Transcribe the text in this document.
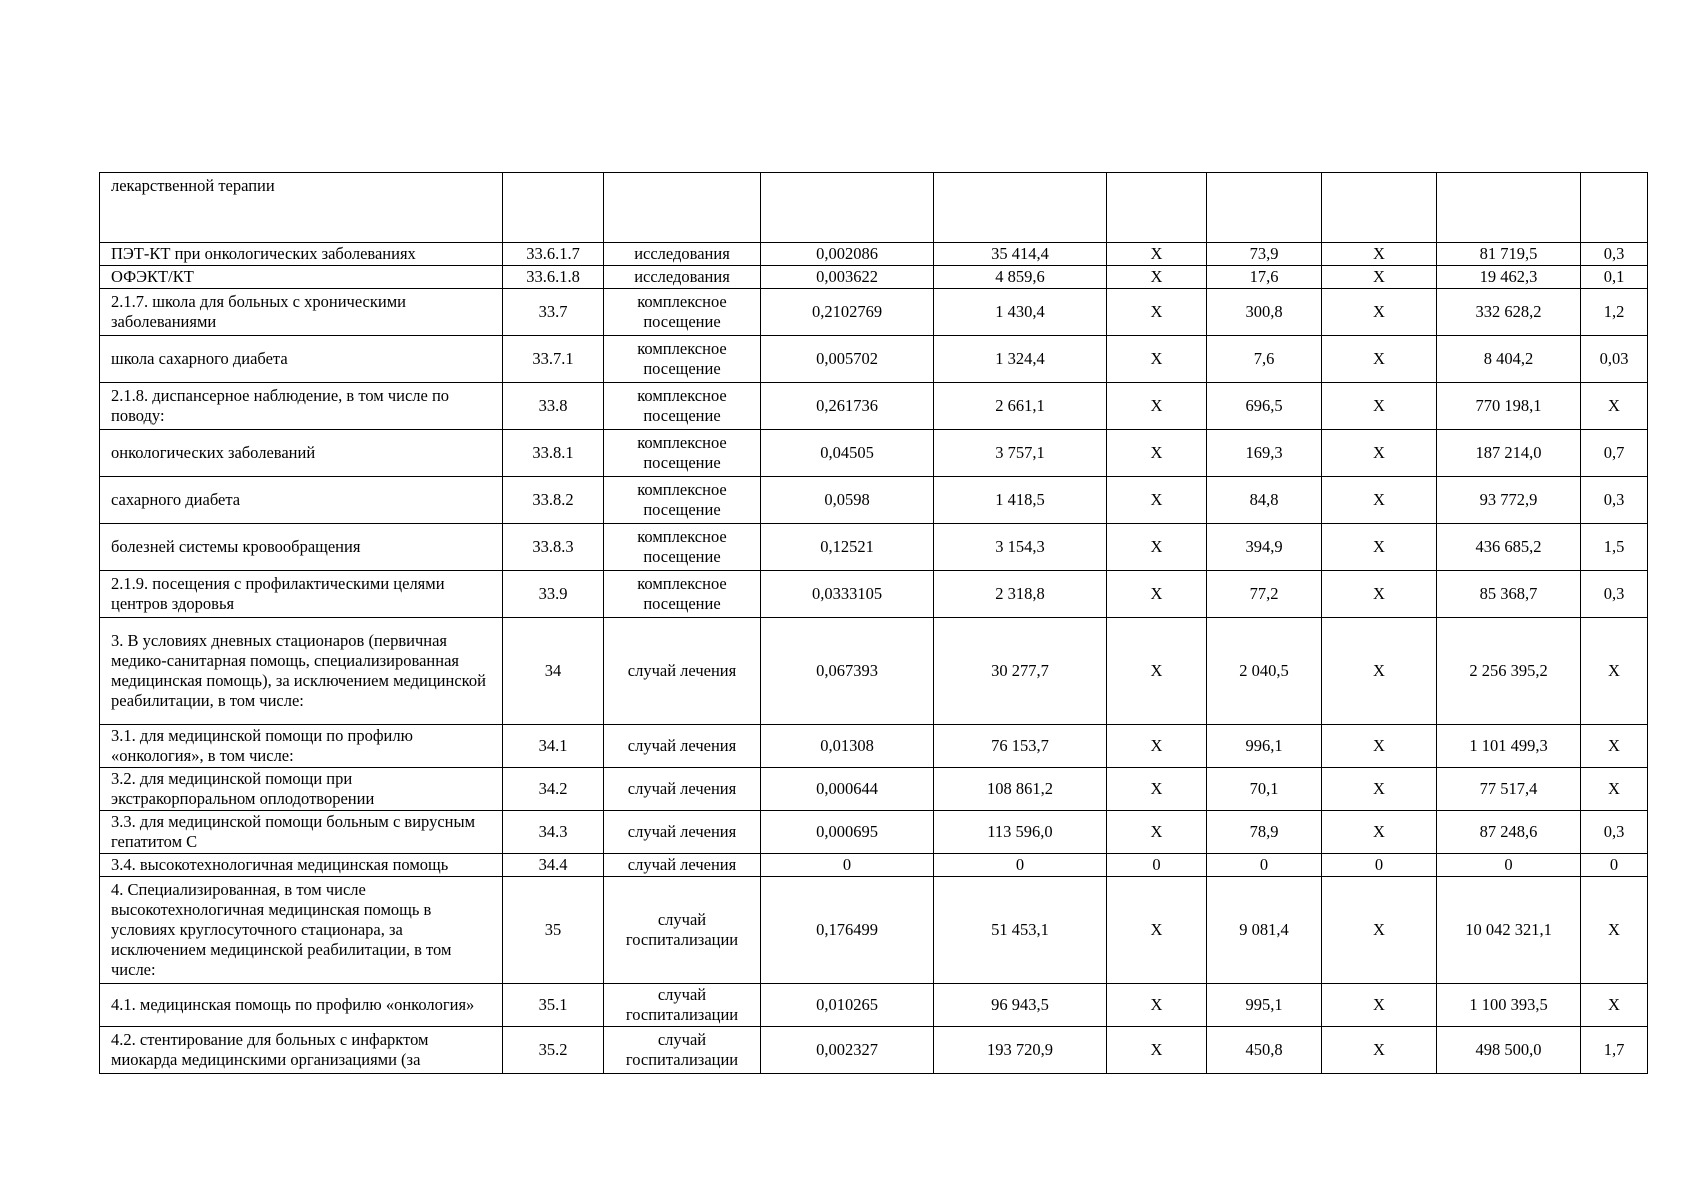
лекарственной терапии									
ПЭТ-КТ при онкологических заболеваниях	33.6.1.7	исследования	0,002086	35 414,4	X	73,9	X	81 719,5	0,3
ОФЭКТ/КТ	33.6.1.8	исследования	0,003622	4 859,6	X	17,6	X	19 462,3	0,1
2.1.7. школа для больных с хроническими заболеваниями	33.7	комплексное посещение	0,2102769	1 430,4	X	300,8	X	332 628,2	1,2
школа сахарного диабета	33.7.1	комплексное посещение	0,005702	1 324,4	X	7,6	X	8 404,2	0,03
2.1.8. диспансерное наблюдение, в том числе по поводу:	33.8	комплексное посещение	0,261736	2 661,1	X	696,5	X	770 198,1	X
онкологических заболеваний	33.8.1	комплексное посещение	0,04505	3 757,1	X	169,3	X	187 214,0	0,7
сахарного диабета	33.8.2	комплексное посещение	0,0598	1 418,5	X	84,8	X	93 772,9	0,3
болезней системы кровообращения	33.8.3	комплексное посещение	0,12521	3 154,3	X	394,9	X	436 685,2	1,5
2.1.9. посещения с профилактическими целями центров здоровья	33.9	комплексное посещение	0,0333105	2 318,8	X	77,2	X	85 368,7	0,3
3. В условиях дневных стационаров (первичная медико-санитарная помощь, специализированная медицинская помощь), за исключением медицинской реабилитации, в том числе:	34	случай лечения	0,067393	30 277,7	X	2 040,5	X	2 256 395,2	X
3.1. для медицинской помощи по профилю «онкология», в том числе:	34.1	случай лечения	0,01308	76 153,7	X	996,1	X	1 101 499,3	X
3.2. для медицинской помощи при экстракорпоральном оплодотворении	34.2	случай лечения	0,000644	108 861,2	X	70,1	X	77 517,4	X
3.3. для медицинской помощи больным с вирусным гепатитом С	34.3	случай лечения	0,000695	113 596,0	X	78,9	X	87 248,6	0,3
3.4. высокотехнологичная медицинская помощь	34.4	случай лечения	0	0	0	0	0	0	0
4. Специализированная, в том числе высокотехнологичная медицинская помощь в условиях круглосуточного стационара, за исключением медицинской реабилитации, в том числе:	35	случай госпитализации	0,176499	51 453,1	X	9 081,4	X	10 042 321,1	X
4.1. медицинская помощь по профилю «онкология»	35.1	случай госпитализации	0,010265	96 943,5	X	995,1	X	1 100 393,5	X
4.2. стентирование для больных с инфарктом миокарда медицинскими организациями (за	35.2	случай госпитализации	0,002327	193 720,9	X	450,8	X	498 500,0	1,7
